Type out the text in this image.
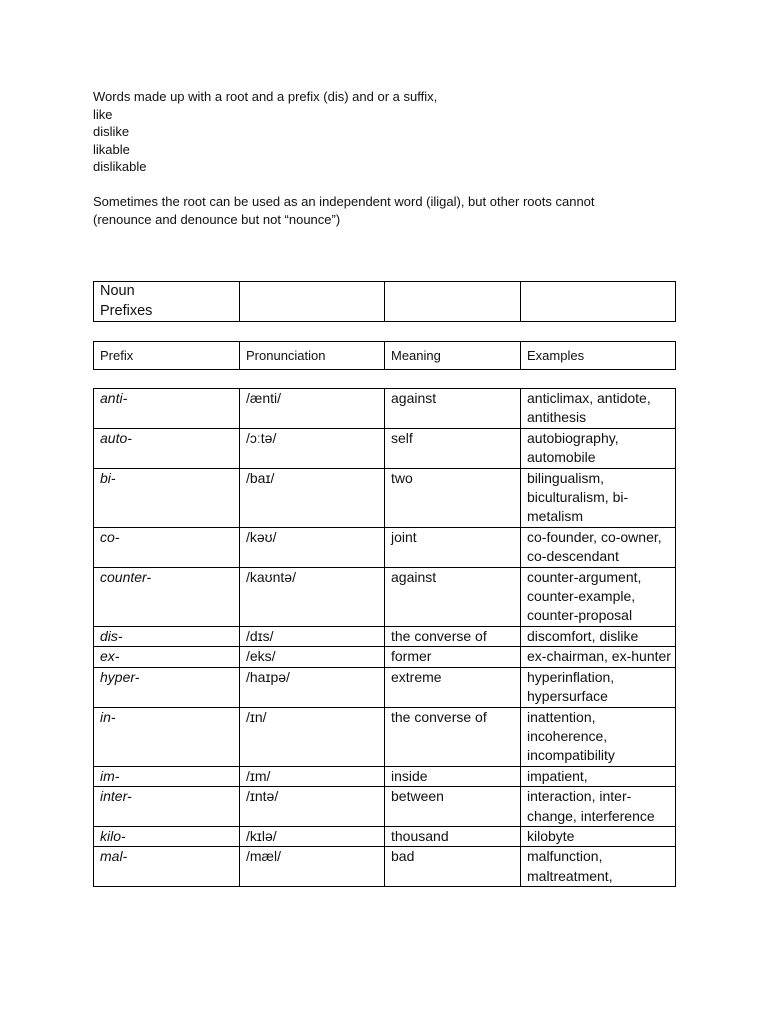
Words made up with a root and a prefix (dis) and or a suffix,
like
dislike
likable
dislikable
Sometimes the root can be used as an independent word (iligal), but other roots cannot
(renounce and denounce but not “nounce”)
Noun
Prefixes

Prefix	Pronunciation	Meaning	Examples
anti-	/ænti/	against	anticlimax, antidote, antithesis
auto-	/ɔːtə/	self	autobiography, automobile
bi-	/baɪ/	two	bilingualism, biculturalism, bi-metalism
co-	/kəʊ/	joint	co-founder, co-owner, co-descendant
counter-	/kaʊntə/	against	counter-argument, counter-example, counter-proposal
dis-	/dɪs/	the converse of	discomfort, dislike
ex-	/eks/	former	ex-chairman, ex-hunter
hyper-	/haɪpə/	extreme	hyperinflation, hypersurface
in-	/ɪn/	the converse of	inattention, incoherence, incompatibility
im-	/ɪm/	inside	impatient,
inter-	/ɪntə/	between	interaction, inter-change, interference
kilo-	/kɪlə/	thousand	kilobyte
mal-	/mæl/	bad	malfunction, maltreatment,
